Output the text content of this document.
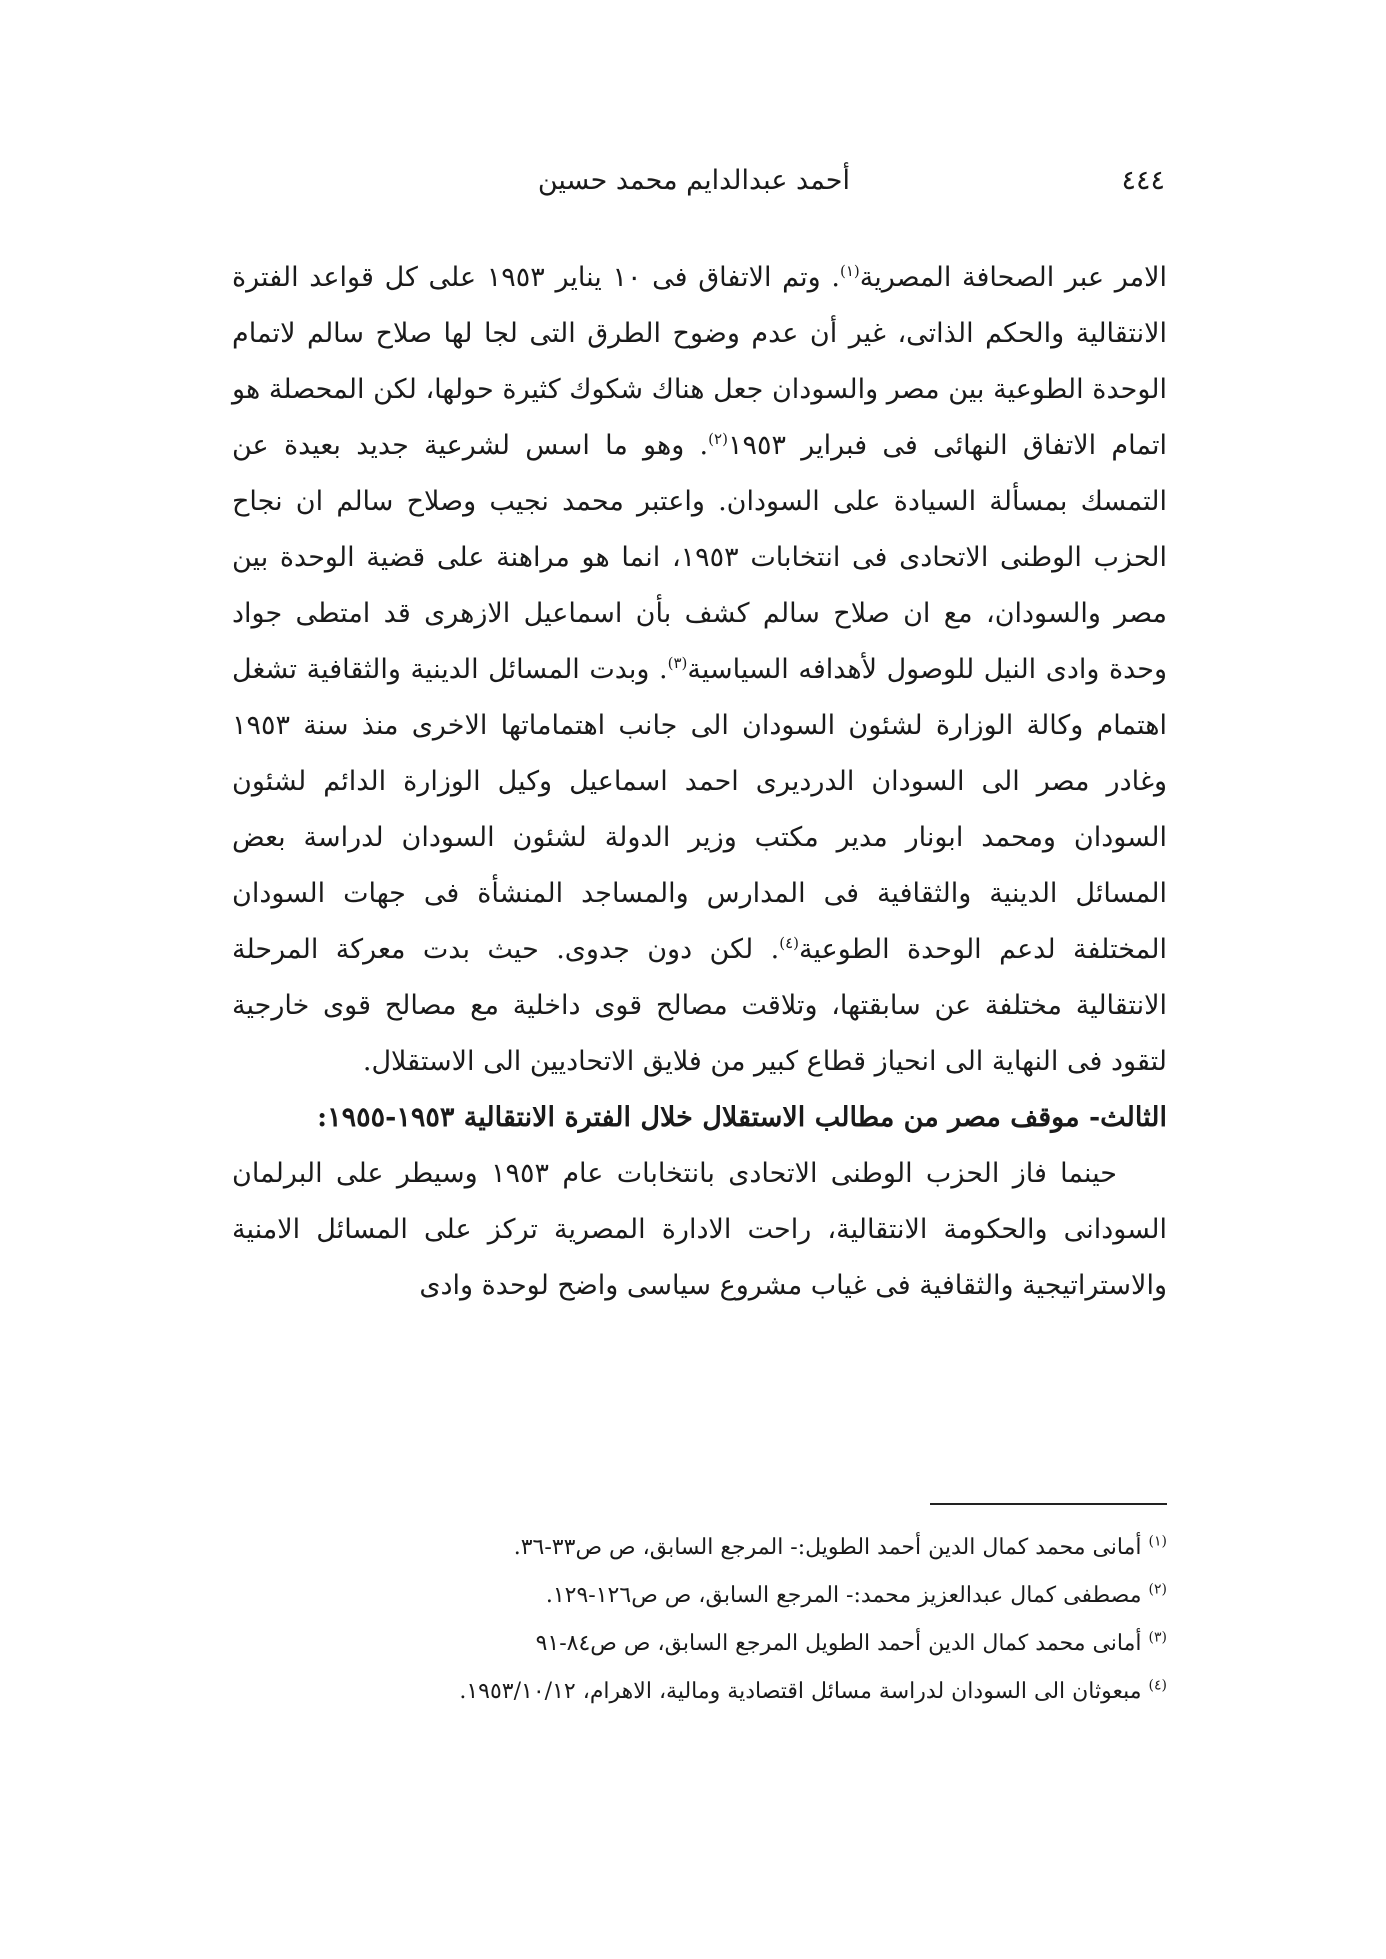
٤٤٤
أحمد عبدالدايم محمد حسين

الامر عبر الصحافة المصرية$^{(١)}$. وتم الاتفاق فى ١٠ يناير ١٩٥٣ على كل قواعد الفترة الانتقالية والحكم الذاتى، غير أن عدم وضوح الطرق التى لجا لها صلاح سالم لاتمام الوحدة الطوعية بين مصر والسودان جعل هناك شكوك كثيرة حولها، لكن المحصلة هو اتمام الاتفاق النهائى فى فبراير ١٩٥٣$^{(٢)}$. وهو ما اسس لشرعية جديد بعيدة عن التمسك بمسألة السيادة على السودان. واعتبر محمد نجيب وصلاح سالم ان نجاح الحزب الوطنى الاتحادى فى انتخابات ١٩٥٣، انما هو مراهنة على قضية الوحدة بين مصر والسودان، مع ان صلاح سالم كشف بأن اسماعيل الازهرى قد امتطى جواد وحدة وادى النيل للوصول لأهدافه السياسية$^{(٣)}$. وبدت المسائل الدينية والثقافية تشغل اهتمام وكالة الوزارة لشئون السودان الى جانب اهتماماتها الاخرى منذ سنة ١٩٥٣ وغادر مصر الى السودان الدرديرى احمد اسماعيل وكيل الوزارة الدائم لشئون السودان ومحمد ابونار مدير مكتب وزير الدولة لشئون السودان لدراسة بعض المسائل الدينية والثقافية فى المدارس والمساجد المنشأة فى جهات السودان المختلفة لدعم الوحدة الطوعية$^{(٤)}$. لكن دون جدوى. حيث بدت معركة المرحلة الانتقالية مختلفة عن سابقتها، وتلاقت مصالح قوى داخلية مع مصالح قوى خارجية لتقود فى النهاية الى انحياز قطاع كبير من فلايق الاتحاديين الى الاستقلال.

الثالث- موقف مصر من مطالب الاستقلال خلال الفترة الانتقالية ١٩٥٣-١٩٥٥:

حينما فاز الحزب الوطنى الاتحادى بانتخابات عام ١٩٥٣ وسيطر على البرلمان السودانى والحكومة الانتقالية، راحت الادارة المصرية تركز على المسائل الامنية والاستراتيجية والثقافية فى غياب مشروع سياسى واضح لوحدة وادى

$^{(١)}$ أمانى محمد كمال الدين أحمد الطويل:- المرجع السابق، ص ص٣٣-٣٦.

$^{(٢)}$ مصطفى كمال عبدالعزيز محمد:- المرجع السابق، ص ص١٢٦-١٢٩.

$^{(٣)}$ أمانى محمد كمال الدين أحمد الطويل المرجع السابق، ص ص٨٤-٩١

$^{(٤)}$ مبعوثان الى السودان لدراسة مسائل اقتصادية ومالية، الاهرام، ١٩٥٣/١٠/١٢.
